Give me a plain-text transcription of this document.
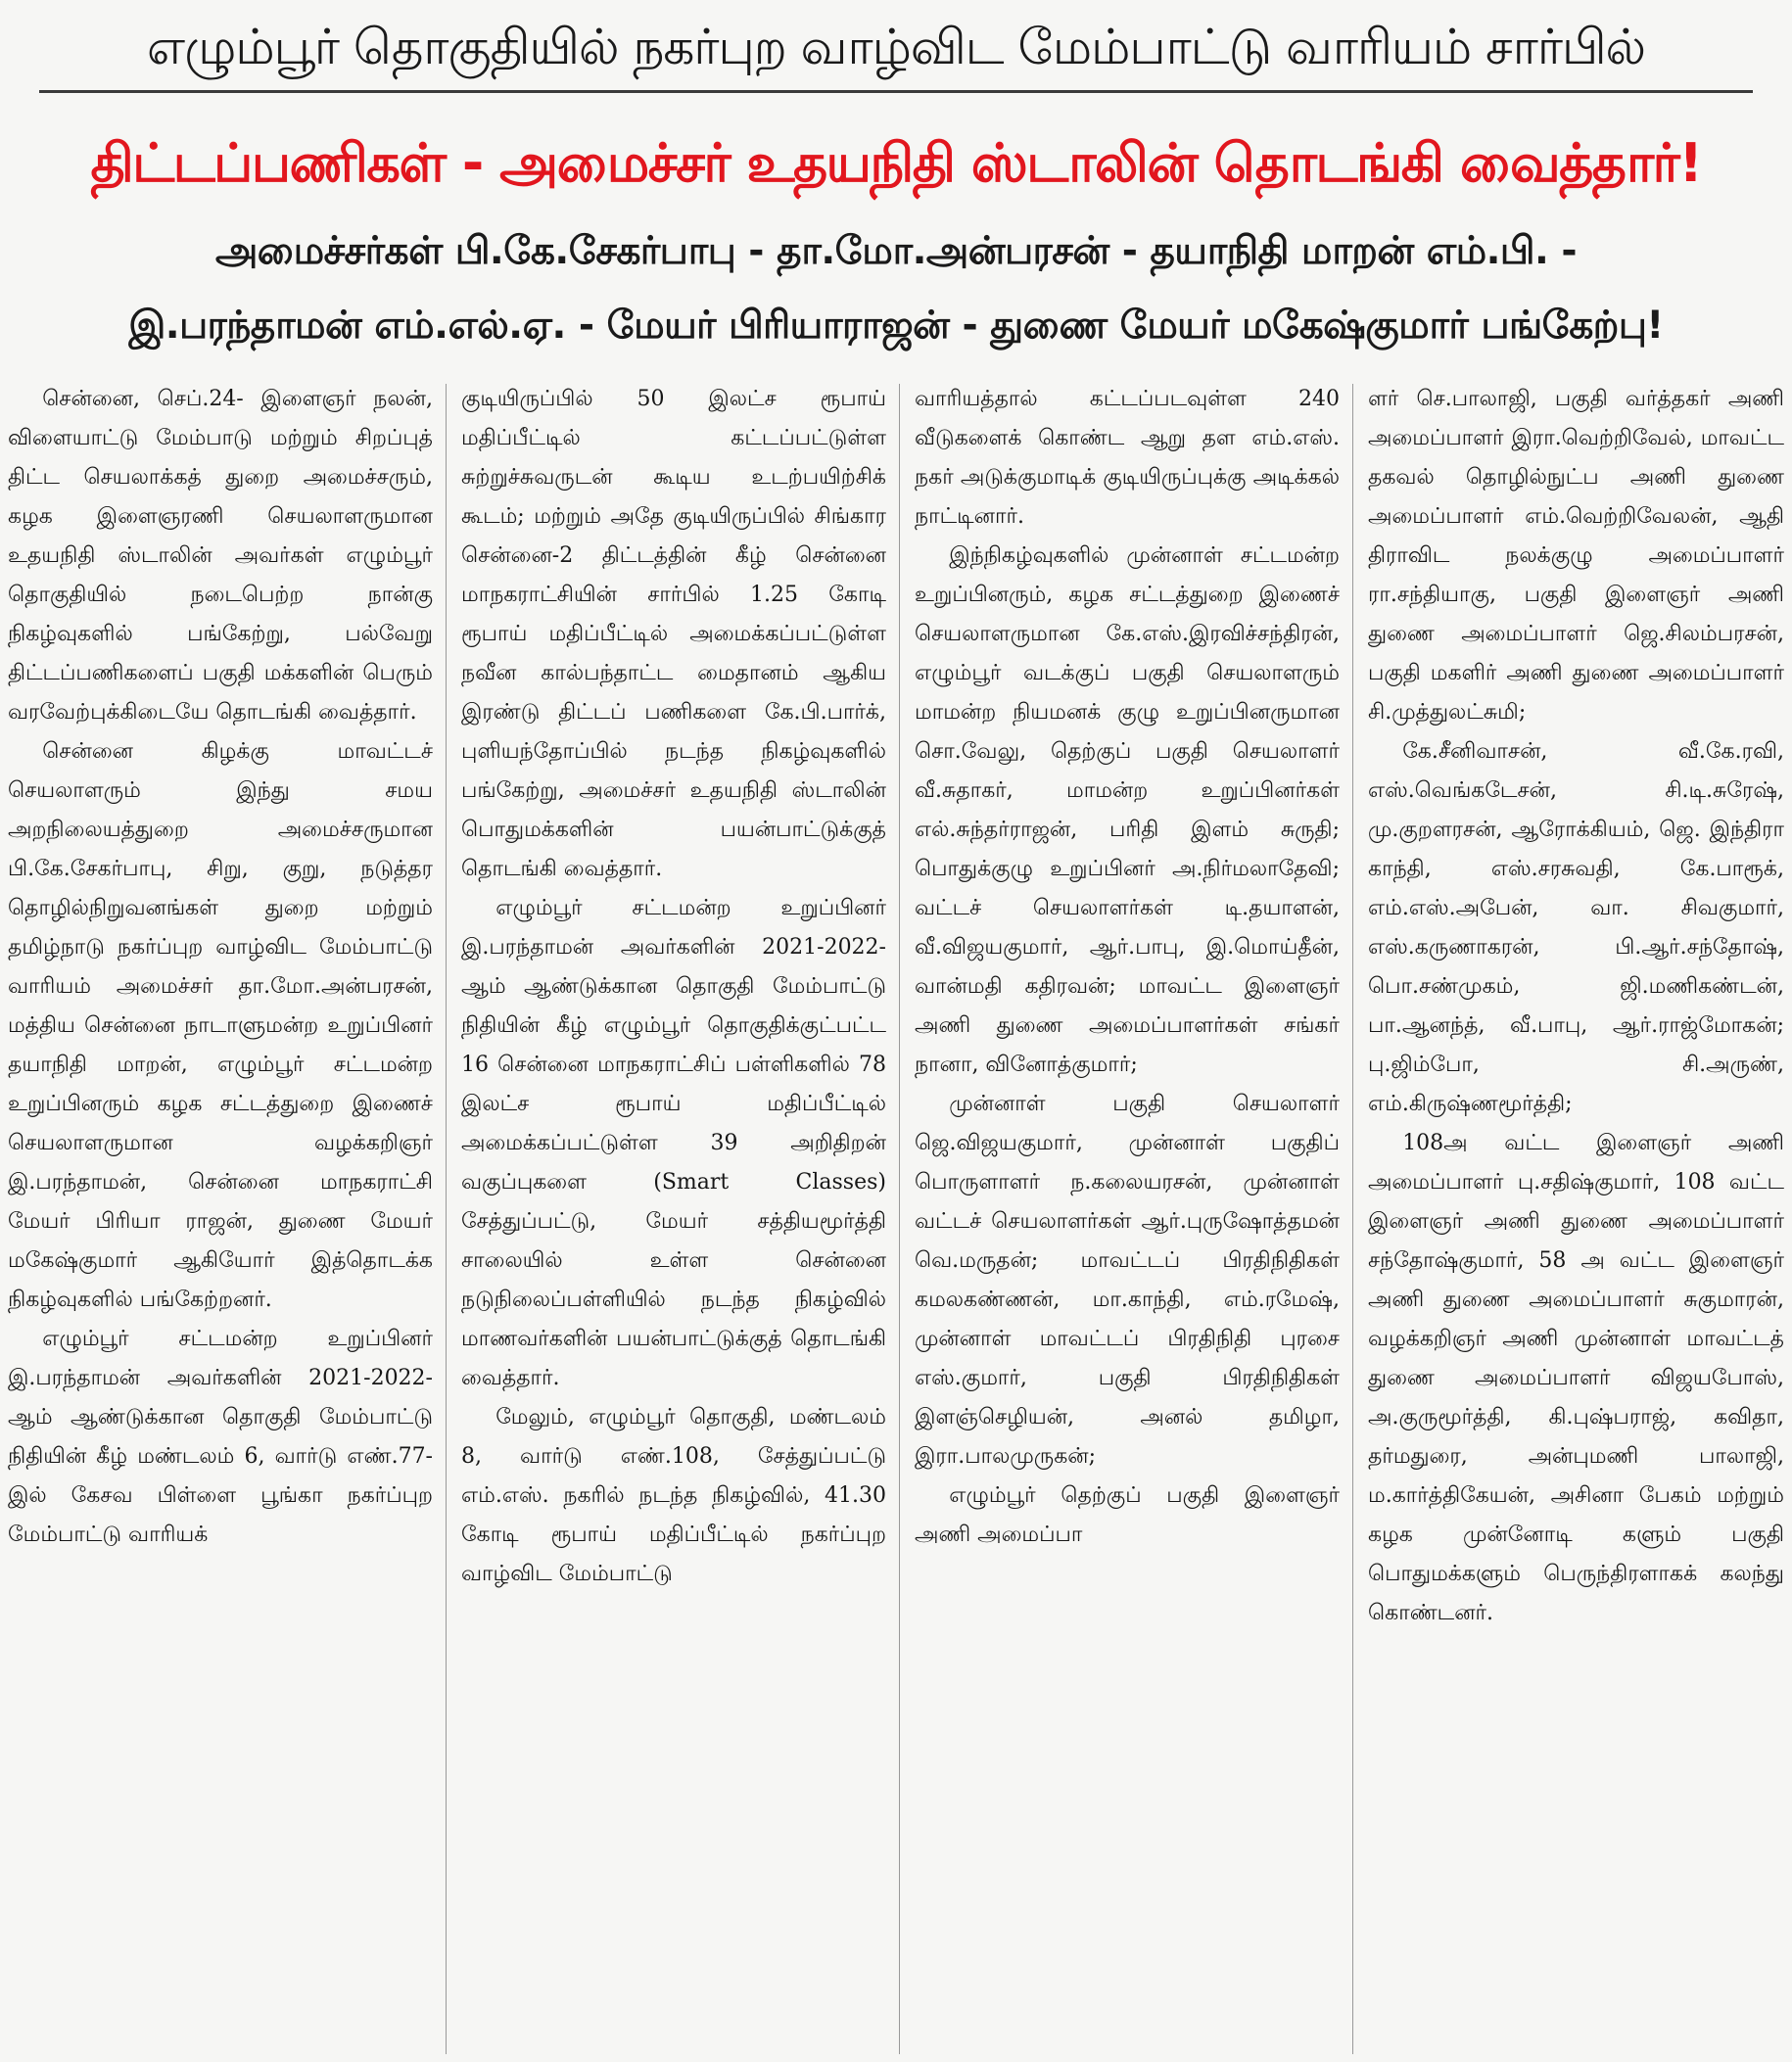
எழும்பூர் தொகுதியில் நகர்புற வாழ்விட மேம்பாட்டு வாரியம் சார்பில்
திட்டப்பணிகள் - அமைச்சர் உதயநிதி ஸ்டாலின் தொடங்கி வைத்தார்!
அமைச்சர்கள் பி.கே.சேகர்பாபு - தா.மோ.அன்பரசன் - தயாநிதி மாறன் எம்.பி. -
இ.பரந்தாமன் எம்.எல்.ஏ. - மேயர் பிரியாராஜன் - துணை மேயர் மகேஷ்குமார் பங்கேற்பு!

சென்னை, செப்.24- இளைஞர் நலன், விளையாட்டு மேம்பாடு மற்றும் சிறப்புத் திட்ட செயலாக்கத் துறை அமைச்சரும், கழக இளைஞரணி செயலாளருமான உதயநிதி ஸ்டாலின் அவர்கள் எழும்பூர் தொகுதியில் நடைபெற்ற நான்கு நிகழ்வுகளில் பங்கேற்று, பல்வேறு திட்டப்பணிகளைப் பகுதி மக்களின் பெரும் வரவேற்புக்கிடையே தொடங்கி வைத்தார்.

சென்னை கிழக்கு மாவட்டச் செயலாளரும் இந்து சமய அறநிலையத்துறை அமைச்சருமான பி.கே.சேகர்பாபு, சிறு, குறு, நடுத்தர தொழில்நிறுவனங்கள் துறை மற்றும் தமிழ்நாடு நகர்ப்புற வாழ்விட மேம்பாட்டு வாரியம் அமைச்சர் தா.மோ.அன்பரசன், மத்திய சென்னை நாடாளுமன்ற உறுப்பினர் தயாநிதி மாறன், எழும்பூர் சட்டமன்ற உறுப்பினரும் கழக சட்டத்துறை இணைச் செயலாளருமான வழக்கறிஞர் இ.பரந்தாமன், சென்னை மாநகராட்சி மேயர் பிரியா ராஜன், துணை மேயர் மகேஷ்குமார் ஆகியோர் இத்தொடக்க நிகழ்வுகளில் பங்கேற்றனர்.

எழும்பூர் சட்டமன்ற உறுப்பினர் இ.பரந்தாமன் அவர்களின் 2021-2022-ஆம் ஆண்டுக்கான தொகுதி மேம்பாட்டு நிதியின் கீழ் மண்டலம் 6, வார்டு எண்.77-இல் கேசவ பிள்ளை பூங்கா நகர்ப்புற மேம்பாட்டு வாரியக்

குடியிருப்பில் 50 இலட்ச ரூபாய் மதிப்பீட்டில் கட்டப்பட்டுள்ள சுற்றுச்சுவருடன் கூடிய உடற்பயிற்சிக் கூடம்; மற்றும் அதே குடியிருப்பில் சிங்கார சென்னை-2 திட்டத்தின் கீழ் சென்னை மாநகராட்சியின் சார்பில் 1.25 கோடி ரூபாய் மதிப்பீட்டில் அமைக்கப்பட்டுள்ள நவீன கால்பந்தாட்ட மைதானம் ஆகிய இரண்டு திட்டப் பணிகளை கே.பி.பார்க், புளியந்தோப்பில் நடந்த நிகழ்வுகளில் பங்கேற்று, அமைச்சர் உதயநிதி ஸ்டாலின் பொதுமக்களின் பயன்பாட்டுக்குத் தொடங்கி வைத்தார்.

எழும்பூர் சட்டமன்ற உறுப்பினர் இ.பரந்தாமன் அவர்களின் 2021-2022-ஆம் ஆண்டுக்கான தொகுதி மேம்பாட்டு நிதியின் கீழ் எழும்பூர் தொகுதிக்குட்பட்ட 16 சென்னை மாநகராட்சிப் பள்ளிகளில் 78 இலட்ச ரூபாய் மதிப்பீட்டில் அமைக்கப்பட்டுள்ள 39 அறிதிறன் வகுப்புகளை (Smart Classes) சேத்துப்பட்டு, மேயர் சத்தியமூர்த்தி சாலையில் உள்ள சென்னை நடுநிலைப்பள்ளியில் நடந்த நிகழ்வில் மாணவர்களின் பயன்பாட்டுக்குத் தொடங்கி வைத்தார்.

மேலும், எழும்பூர் தொகுதி, மண்டலம் 8, வார்டு எண்.108, சேத்துப்பட்டு எம்.எஸ். நகரில் நடந்த நிகழ்வில், 41.30 கோடி ரூபாய் மதிப்பீட்டில் நகர்ப்புற வாழ்விட மேம்பாட்டு

வாரியத்தால் கட்டப்படவுள்ள 240 வீடுகளைக் கொண்ட ஆறு தள எம்.எஸ். நகர் அடுக்குமாடிக் குடியிருப்புக்கு அடிக்கல் நாட்டினார்.

இந்நிகழ்வுகளில் முன்னாள் சட்டமன்ற உறுப்பினரும், கழக சட்டத்துறை இணைச் செயலாளருமான கே.எஸ்.இரவிச்சந்திரன், எழும்பூர் வடக்குப் பகுதி செயலாளரும் மாமன்ற நியமனக் குழு உறுப்பினருமான சொ.வேலு, தெற்குப் பகுதி செயலாளர் வீ.சுதாகர், மாமன்ற உறுப்பினர்கள் எல்.சுந்தர்ராஜன், பரிதி இளம் சுருதி; பொதுக்குழு உறுப்பினர் அ.நிர்மலாதேவி; வட்டச் செயலாளர்கள் டி.தயாளன், வீ.விஜயகுமார், ஆர்.பாபு, இ.மொய்தீன், வான்மதி கதிரவன்; மாவட்ட இளைஞர் அணி துணை அமைப்பாளர்கள் சங்கர் நானா, வினோத்குமார்;

முன்னாள் பகுதி செயலாளர் ஜெ.விஜயகுமார், முன்னாள் பகுதிப் பொருளாளர் ந.கலையரசன், முன்னாள் வட்டச் செயலாளர்கள் ஆர்.புருஷோத்தமன் வெ.மருதன்; மாவட்டப் பிரதிநிதிகள் கமலகண்ணன், மா.காந்தி, எம்.ரமேஷ், முன்னாள் மாவட்டப் பிரதிநிதி புரசை எஸ்.குமார், பகுதி பிரதிநிதிகள் இளஞ்செழியன், அனல் தமிழா, இரா.பாலமுருகன்;

எழும்பூர் தெற்குப் பகுதி இளைஞர் அணி அமைப்பா

ளர் செ.பாலாஜி, பகுதி வர்த்தகர் அணி அமைப்பாளர் இரா.வெற்றிவேல், மாவட்ட தகவல் தொழில்நுட்ப அணி துணை அமைப்பாளர் எம்.வெற்றிவேலன், ஆதி திராவிட நலக்குழு அமைப்பாளர் ரா.சந்தியாகு, பகுதி இளைஞர் அணி துணை அமைப்பாளர் ஜெ.சிலம்பரசன், பகுதி மகளிர் அணி துணை அமைப்பாளர் சி.முத்துலட்சுமி;

கே.சீனிவாசன், வீ.கே.ரவி, எஸ்.வெங்கடேசன், சி.டி.சுரேஷ், மு.குறளரசன், ஆரோக்கியம், ஜெ. இந்திரா காந்தி, எஸ்.சரசுவதி, கே.பாரூக், எம்.எஸ்.அபேன், வா. சிவகுமார், எஸ்.கருணாகரன், பி.ஆர்.சந்தோஷ், பொ.சண்முகம், ஜி.மணிகண்டன், பா.ஆனந்த், வீ.பாபு, ஆர்.ராஜ்மோகன்; பு.ஜிம்போ, சி.அருண், எம்.கிருஷ்ணமூர்த்தி;

108அ வட்ட இளைஞர் அணி அமைப்பாளர் பு.சதிஷ்குமார், 108 வட்ட இளைஞர் அணி துணை அமைப்பாளர் சந்தோஷ்குமார், 58 அ வட்ட இளைஞர் அணி துணை அமைப்பாளர் சுகுமாரன், வழக்கறிஞர் அணி முன்னாள் மாவட்டத் துணை அமைப்பாளர் விஜயபோஸ், அ.குருமூர்த்தி, கி.புஷ்பராஜ், கவிதா, தர்மதுரை, அன்புமணி பாலாஜி, ம.கார்த்திகேயன், அசினா பேகம் மற்றும் கழக முன்னோடி களும் பகுதி பொதுமக்களும் பெருந்திரளாகக் கலந்து கொண்டனர்.
